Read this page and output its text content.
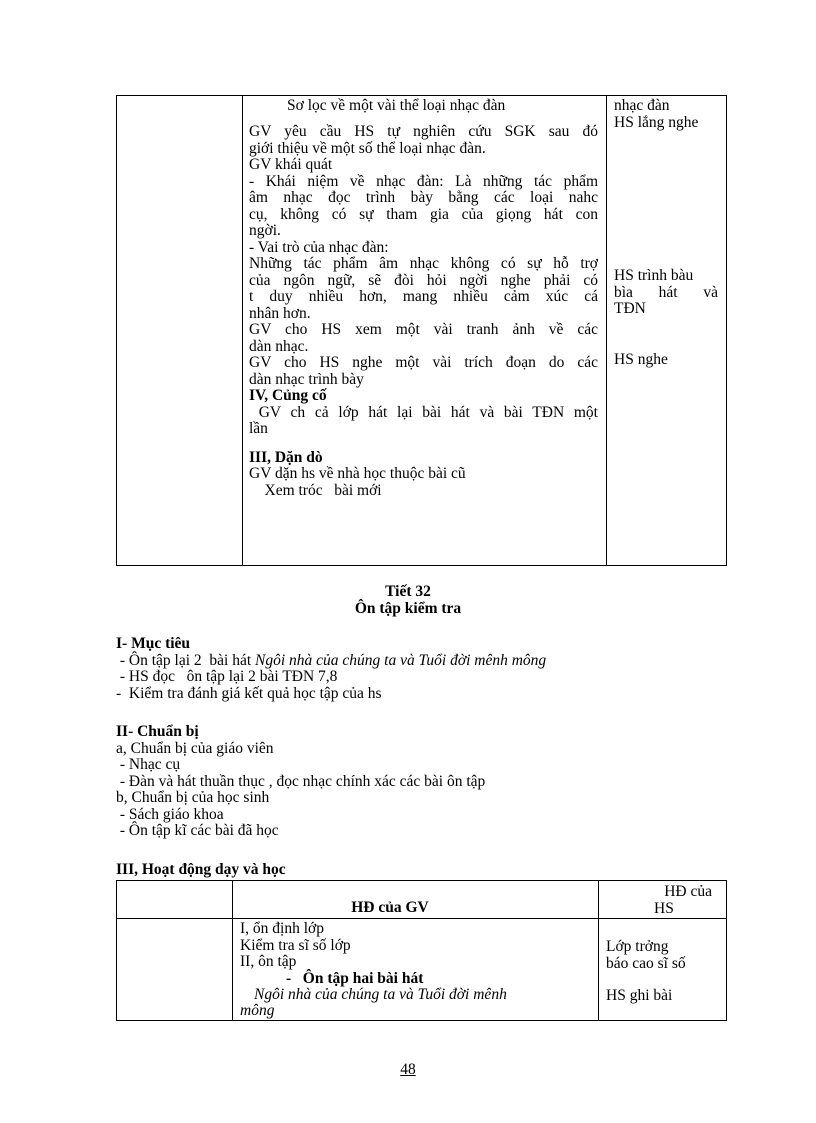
Sơ lọc về một vài thể loại nhạc đàn
GV yêu cầu HS tự nghiên cứu SGK sau đó
giới thiệu về một số thể loại nhạc đàn.
GV khái quát
- Khái niệm về nhạc đàn: Là những tác phẩm
âm nhạc đọc trình bày bằng các loại nahc
cụ, không có sự tham gia của giọng hát con
ngời.
- Vai trò của nhạc đàn:
Những tác phẩm âm nhạc không có sự hỗ trợ
của ngôn ngữ, sẽ đòi hỏi ngời nghe phải có
t duy nhiều hơn, mang nhiều cảm xúc cá
nhân hơn.
GV cho HS xem một vài tranh ảnh về các
dàn nhạc.
GV cho HS nghe một vài trích đoạn do các
dàn nhạc trình bày
IV, Củng cố
GV ch cả lớp hát lại bài hát và bài TĐN một
lần
III, Dặn dò
GV dặn hs về nhà học thuộc bài cũ
Xem tróc   bài mới
nhạc đàn
HS lắng nghe
HS trình bàu
bìa hát và
TĐN
HS nghe
Tiết 32
Ôn tập kiểm tra
I- Mục tiêu
- Ôn tập lại 2  bài hát Ngôi nhà của chúng ta và Tuổi đời mênh mông
- HS đọc   ôn tập lại 2 bài TĐN 7,8
-  Kiểm tra đánh giá kết quả học tập của hs
II- Chuẩn bị
a, Chuẩn bị của giáo viên
- Nhạc cụ
- Đàn và hát thuần thục , đọc nhạc chính xác các bài ôn tập
b, Chuẩn bị của học sinh
- Sách giáo khoa
- Ôn tập kĩ các bài đã học
III, Hoạt động dạy và học
HĐ của GV
HĐ của
HS
I, ổn định lớp
Kiểm tra sĩ số lớp
II, ôn tập
-   Ôn tập hai bài hát
Ngôi nhà của chúng ta và Tuổi đời mênh
mông
Lớp trởng
báo cao sĩ số
HS ghi bài
48
